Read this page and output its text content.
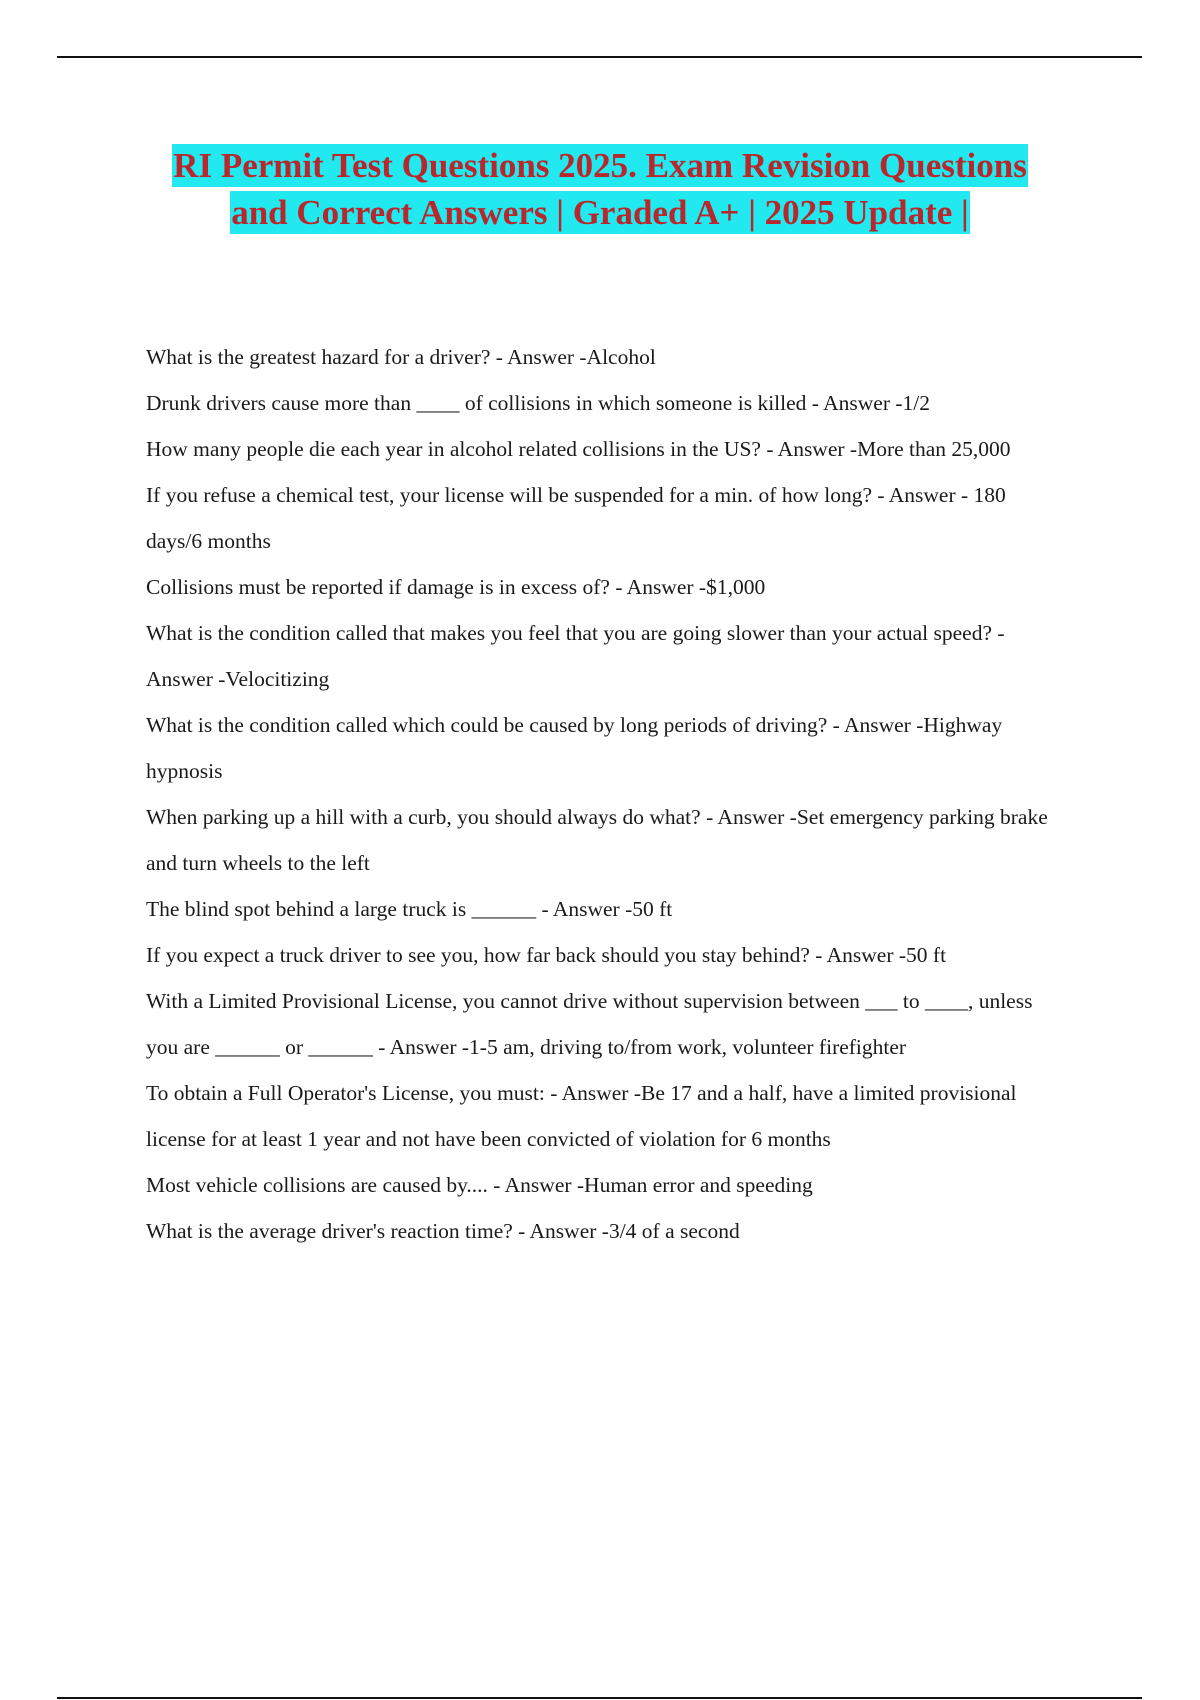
RI Permit Test Questions 2025. Exam Revision Questions
and Correct Answers | Graded A+ | 2025 Update |
What is the greatest hazard for a driver? - Answer -Alcohol
Drunk drivers cause more than ____ of collisions in which someone is killed - Answer -1/2
How many people die each year in alcohol related collisions in the US? - Answer -More than 25,000
If you refuse a chemical test, your license will be suspended for a min. of how long? - Answer - 180
days/6 months
Collisions must be reported if damage is in excess of? - Answer -$1,000
What is the condition called that makes you feel that you are going slower than your actual speed? -
Answer -Velocitizing
What is the condition called which could be caused by long periods of driving? - Answer -Highway
hypnosis
When parking up a hill with a curb, you should always do what? - Answer -Set emergency parking brake
and turn wheels to the left
The blind spot behind a large truck is ______ - Answer -50 ft
If you expect a truck driver to see you, how far back should you stay behind? - Answer -50 ft
With a Limited Provisional License, you cannot drive without supervision between ___ to ____, unless
you are ______ or ______ - Answer -1-5 am, driving to/from work, volunteer firefighter
To obtain a Full Operator's License, you must: - Answer -Be 17 and a half, have a limited provisional
license for at least 1 year and not have been convicted of violation for 6 months
Most vehicle collisions are caused by.... - Answer -Human error and speeding
What is the average driver's reaction time? - Answer -3/4 of a second
